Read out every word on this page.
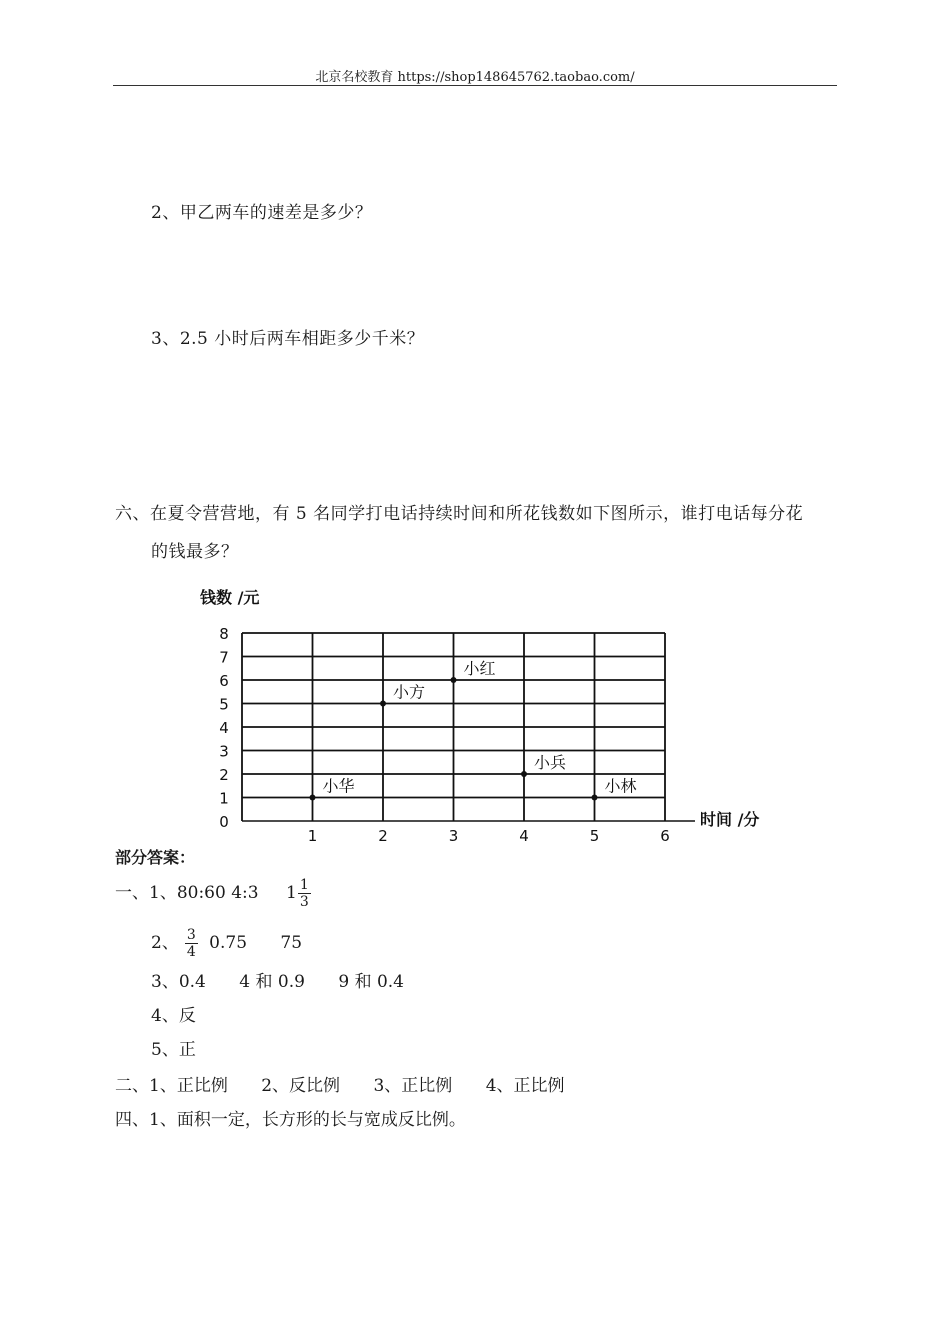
北京名校教育 https://shop148645762.taobao.com/
2、甲乙两车的速差是多少？
3、2.5 小时后两车相距多少千米？
六、在夏令营营地，有 5 名同学打电话持续时间和所花钱数如下图所示，谁打电话每分花
的钱最多？
钱数 /元
时间 /分
0
1	2	3	4	5	6
1
2
3
4
5
6
7
8
小华
小方
小红
小兵
小林
部分答案：
一、1、80:60 4:3 $1 \frac{1}{3}$
2、 $\frac{3}{4} 0.75$ 75
3、0.4 4 和 0.9 9 和 0.4
4、反
5、正
二、1、正比例 2、反比例 3、正比例 4、正比例
四、1、面积一定，长方形的长与宽成反比例。
